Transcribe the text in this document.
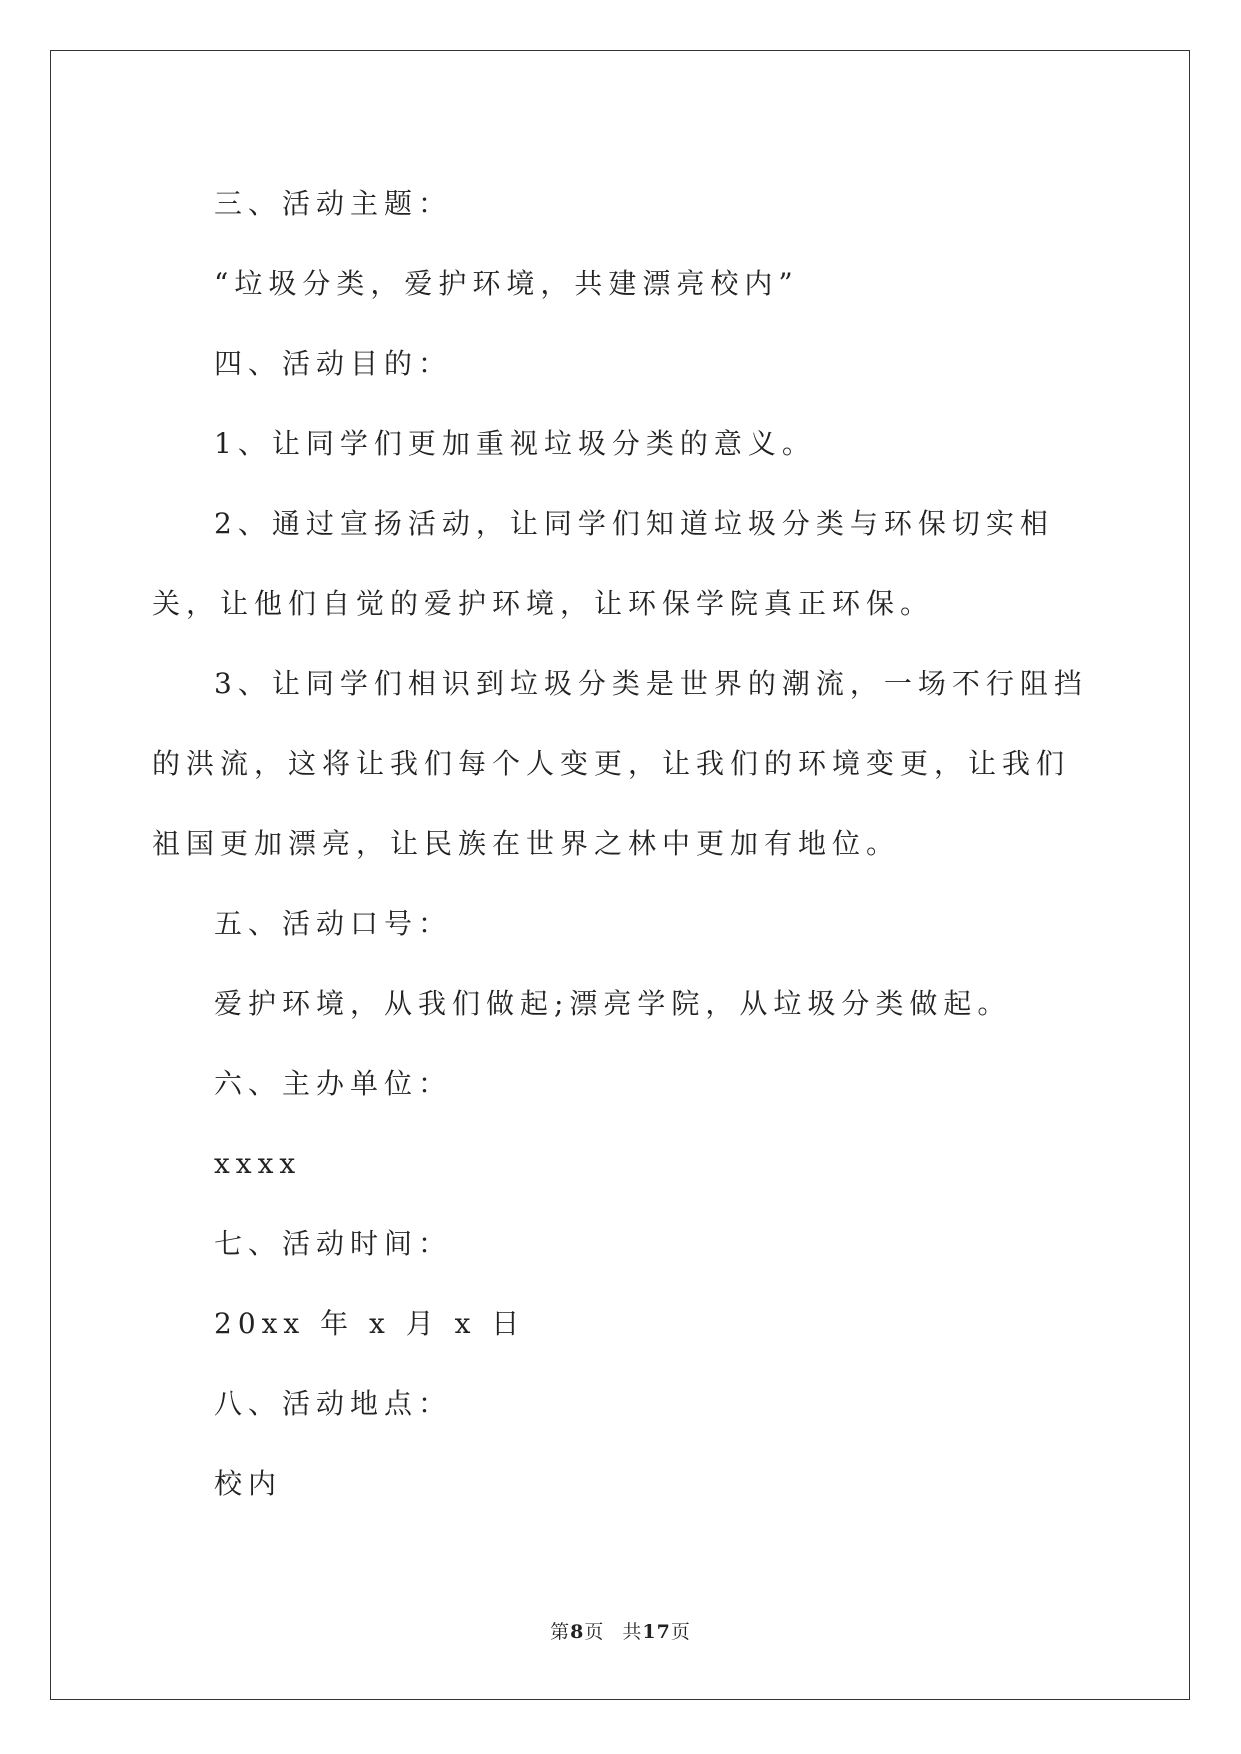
三、活动主题：

“垃圾分类，爱护环境，共建漂亮校内”

四、活动目的：

1、让同学们更加重视垃圾分类的意义。

2、通过宣扬活动，让同学们知道垃圾分类与环保切实相关，让他们自觉的爱护环境，让环保学院真正环保。

3、让同学们相识到垃圾分类是世界的潮流，一场不行阻挡的洪流，这将让我们每个人变更，让我们的环境变更，让我们祖国更加漂亮，让民族在世界之林中更加有地位。

五、活动口号：

爱护环境，从我们做起;漂亮学院，从垃圾分类做起。

六、主办单位：

xxxx

七、活动时间：

20xx 年 x 月 x 日

八、活动地点：

校内

第8页 共17页
